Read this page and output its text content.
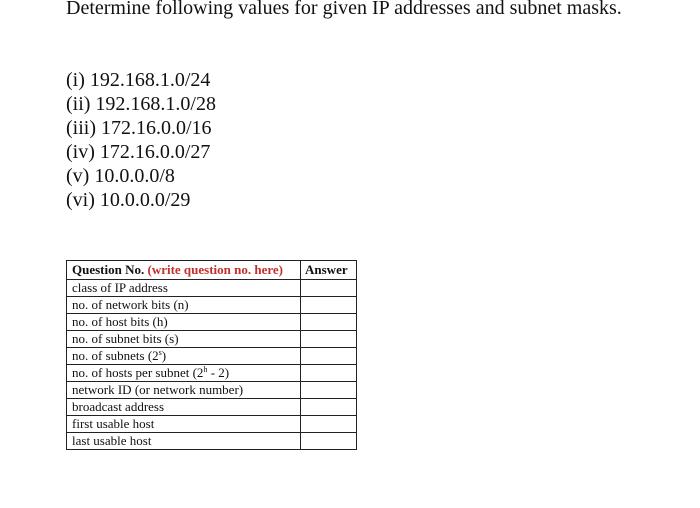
Determine following values for given IP addresses and subnet masks.

(i) 192.168.1.0/24
(ii) 192.168.1.0/28
(iii) 172.16.0.0/16
(iv) 172.16.0.0/27
(v) 10.0.0.0/8
(vi) 10.0.0.0/29
Question No. (write question no. here)	Answer
class of IP address	
no. of network bits (n)	
no. of host bits (h)	
no. of subnet bits (s)	
no. of subnets (2$^s$)	
no. of hosts per subnet (2$^h$ - 2)	
network ID (or network number)	
broadcast address	
first usable host	
last usable host	
